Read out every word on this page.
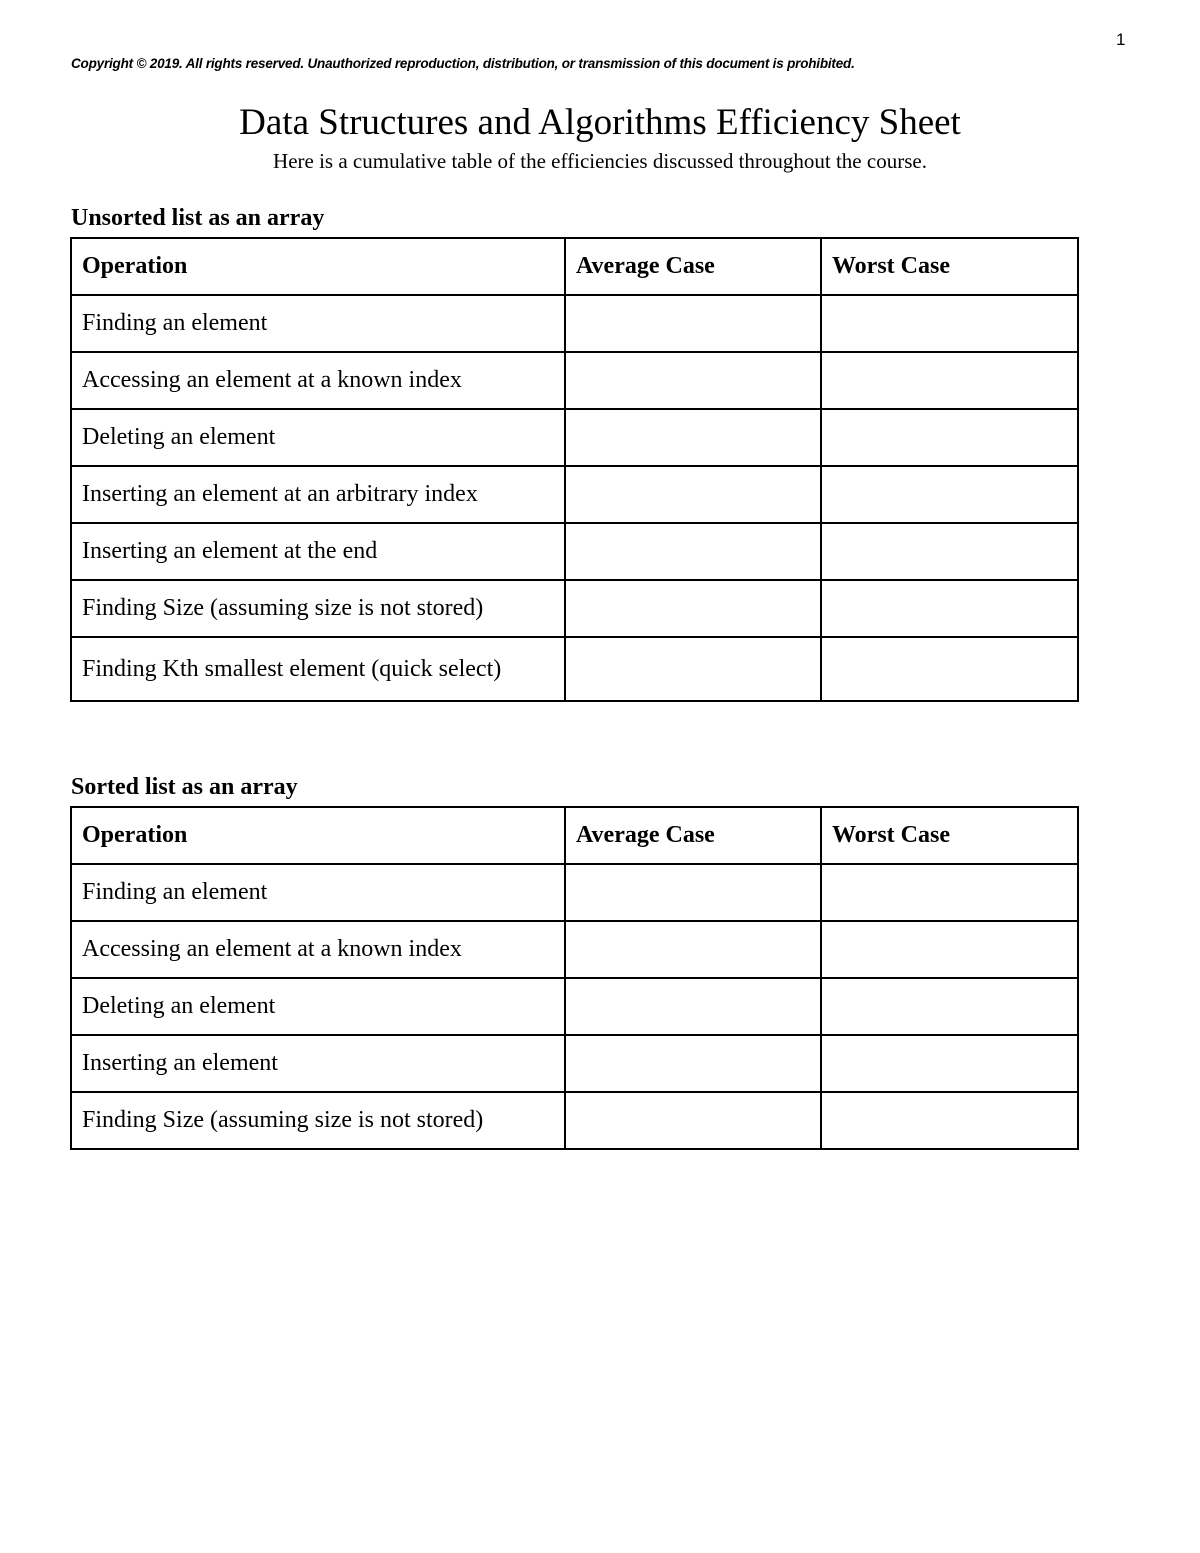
1
Copyright © 2019. All rights reserved. Unauthorized reproduction, distribution, or transmission of this document is prohibited.
Data Structures and Algorithms Efficiency Sheet
Here is a cumulative table of the efficiencies discussed throughout the course.
Unsorted list as an array
Operation	Average Case	Worst Case
Finding an element		
Accessing an element at a known index		
Deleting an element		
Inserting an element at an arbitrary index		
Inserting an element at the end		
Finding Size (assuming size is not stored)		
Finding Kth smallest element (quick select)		
Sorted list as an array
Operation	Average Case	Worst Case
Finding an element		
Accessing an element at a known index		
Deleting an element		
Inserting an element		
Finding Size (assuming size is not stored)		
